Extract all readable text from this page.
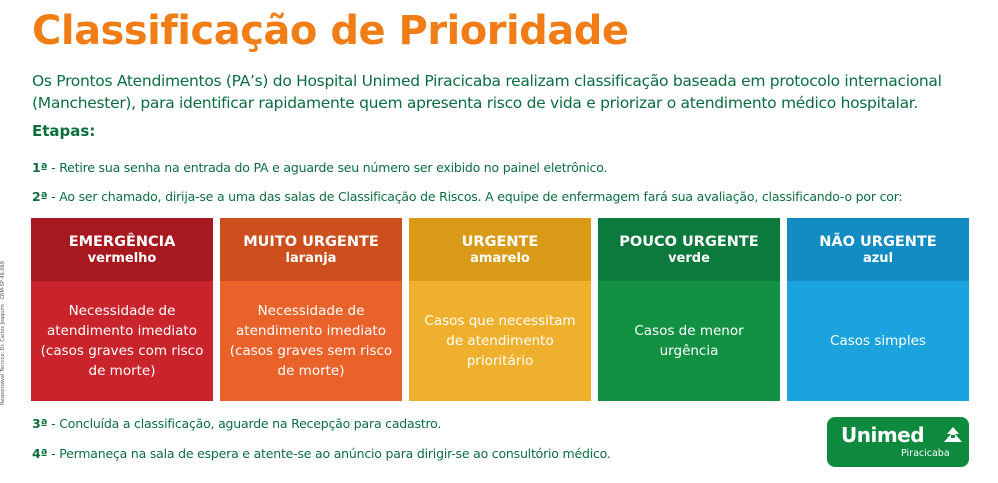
Classificação de Prioridade
Os Prontos Atendimentos (PA’s) do Hospital Unimed Piracicaba realizam classificação baseada em protocolo internacional
(Manchester), para identificar rapidamente quem apresenta risco de vida e priorizar o atendimento médico hospitalar.
Etapas:
1ª - Retire sua senha na entrada do PA e aguarde seu número ser exibido no painel eletrônico.
2ª - Ao ser chamado, dirija-se a uma das salas de Classificação de Riscos. A equipe de enfermagem fará sua avaliação, classificando-o por cor:
Responsável Técnico: Dr. Carlos Joaquim · CRM-SP 46.069
EMERGÊNCIA
vermelho
Necessidade de atendimento imediato (casos graves com risco de morte)
MUITO URGENTE
laranja
Necessidade de atendimento imediato (casos graves sem risco de morte)
URGENTE
amarelo
Casos que necessitam de atendimento prioritário
POUCO URGENTE
verde
Casos de menor urgência
NÃO URGENTE
azul
Casos simples
3ª - Concluída a classificação, aguarde na Recepção para cadastro.
4ª - Permaneça na sala de espera e atente-se ao anúncio para dirigir-se ao consultório médico.
Unimed
Piracicaba
